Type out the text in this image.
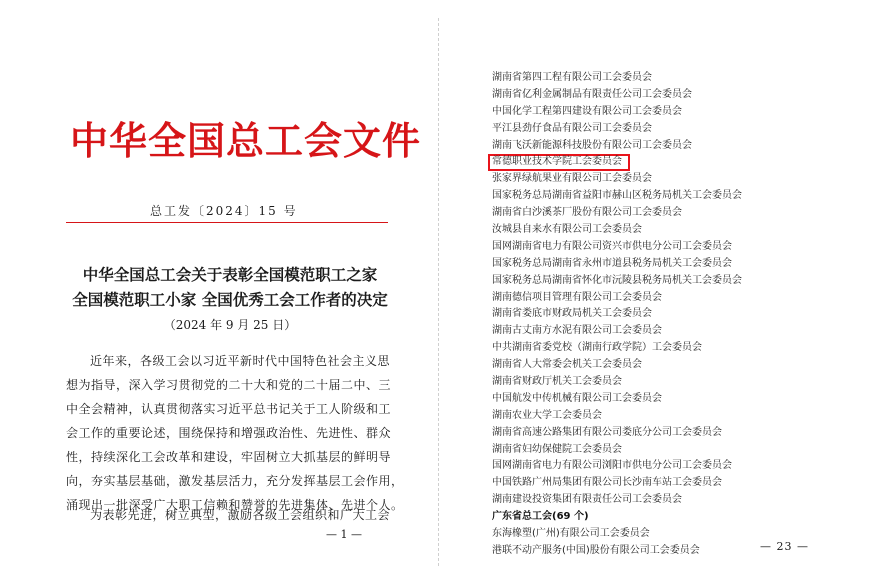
中华全国总工会文件
总工发〔2024〕15 号
中华全国总工会关于表彰全国模范职工之家
全国模范职工小家 全国优秀工会工作者的决定
（2024 年 9 月 25 日）
近年来，各级工会以习近平新时代中国特色社会主义思
想为指导，深入学习贯彻党的二十大和党的二十届二中、三
中全会精神，认真贯彻落实习近平总书记关于工人阶级和工
会工作的重要论述，围绕保持和增强政治性、先进性、群众
性，持续深化工会改革和建设，牢固树立大抓基层的鲜明导
向，夯实基层基础，激发基层活力，充分发挥基层工会作用，
涌现出一批深受广大职工信赖和赞誉的先进集体、先进个人。
为表彰先进，树立典型，激励各级工会组织和广大工会
— 1 —
湖南省第四工程有限公司工会委员会
湖南省亿利金属制品有限责任公司工会委员会
中国化学工程第四建设有限公司工会委员会
平江县劲仔食品有限公司工会委员会
湖南飞沃新能源科技股份有限公司工会委员会
常德职业技术学院工会委员会
张家界绿航果业有限公司工会委员会
国家税务总局湖南省益阳市赫山区税务局机关工会委员会
湖南省白沙溪茶厂股份有限公司工会委员会
汝城县自来水有限公司工会委员会
国网湖南省电力有限公司资兴市供电分公司工会委员会
国家税务总局湖南省永州市道县税务局机关工会委员会
国家税务总局湖南省怀化市沅陵县税务局机关工会委员会
湖南德信项目管理有限公司工会委员会
湖南省娄底市财政局机关工会委员会
湖南古丈南方水泥有限公司工会委员会
中共湖南省委党校（湖南行政学院）工会委员会
湖南省人大常委会机关工会委员会
湖南省财政厅机关工会委员会
中国航发中传机械有限公司工会委员会
湖南农业大学工会委员会
湖南省高速公路集团有限公司娄底分公司工会委员会
湖南省妇幼保健院工会委员会
国网湖南省电力有限公司浏阳市供电分公司工会委员会
中国铁路广州局集团有限公司长沙南车站工会委员会
湖南建设投资集团有限责任公司工会委员会
广东省总工会(69 个)
东海橡塑(广州)有限公司工会委员会
港联不动产服务(中国)股份有限公司工会委员会	— 23 —
